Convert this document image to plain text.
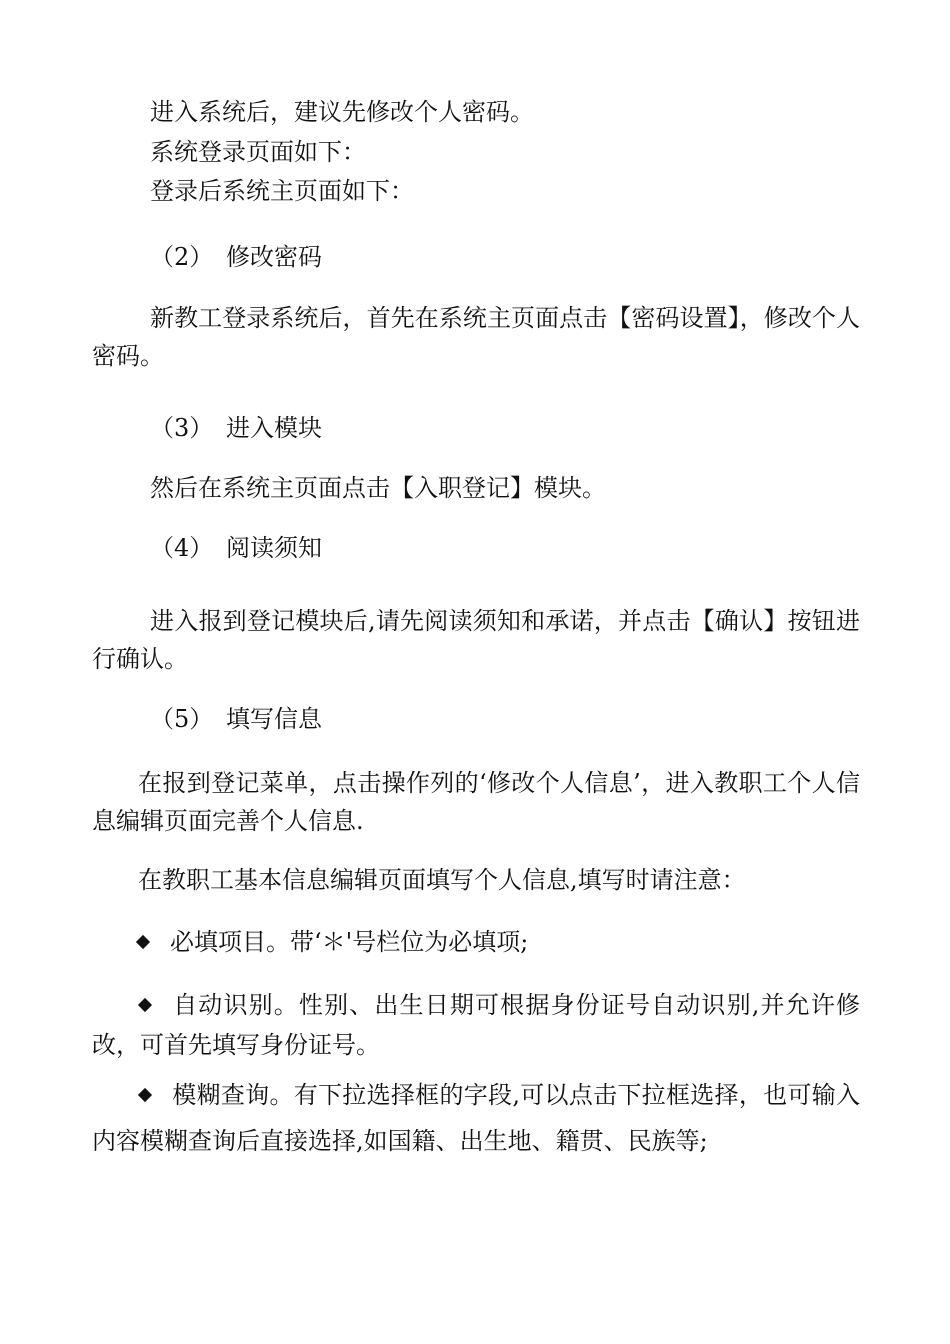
进入系统后，建议先修改个人密码。
系统登录页面如下：
登录后系统主页面如下：
（2） 修改密码
新教工登录系统后，首先在系统主页面点击【密码设置】，修改个人密码。
（3） 进入模块
然后在系统主页面点击【入职登记】模块。
（4） 阅读须知
进入报到登记模块后,请先阅读须知和承诺，并点击【确认】按钮进行确认。
（5） 填写信息
在报到登记菜单，点击操作列的‘修改个人信息’，进入教职工个人信息编辑页面完善个人信息.
在教职工基本信息编辑页面填写个人信息,填写时请注意：
必填项目。带‘＊'号栏位为必填项;
自动识别。性别、出生日期可根据身份证号自动识别,并允许修改，可首先填写身份证号。
模糊查询。有下拉选择框的字段,可以点击下拉框选择，也可输入内容模糊查询后直接选择,如国籍、出生地、籍贯、民族等;
